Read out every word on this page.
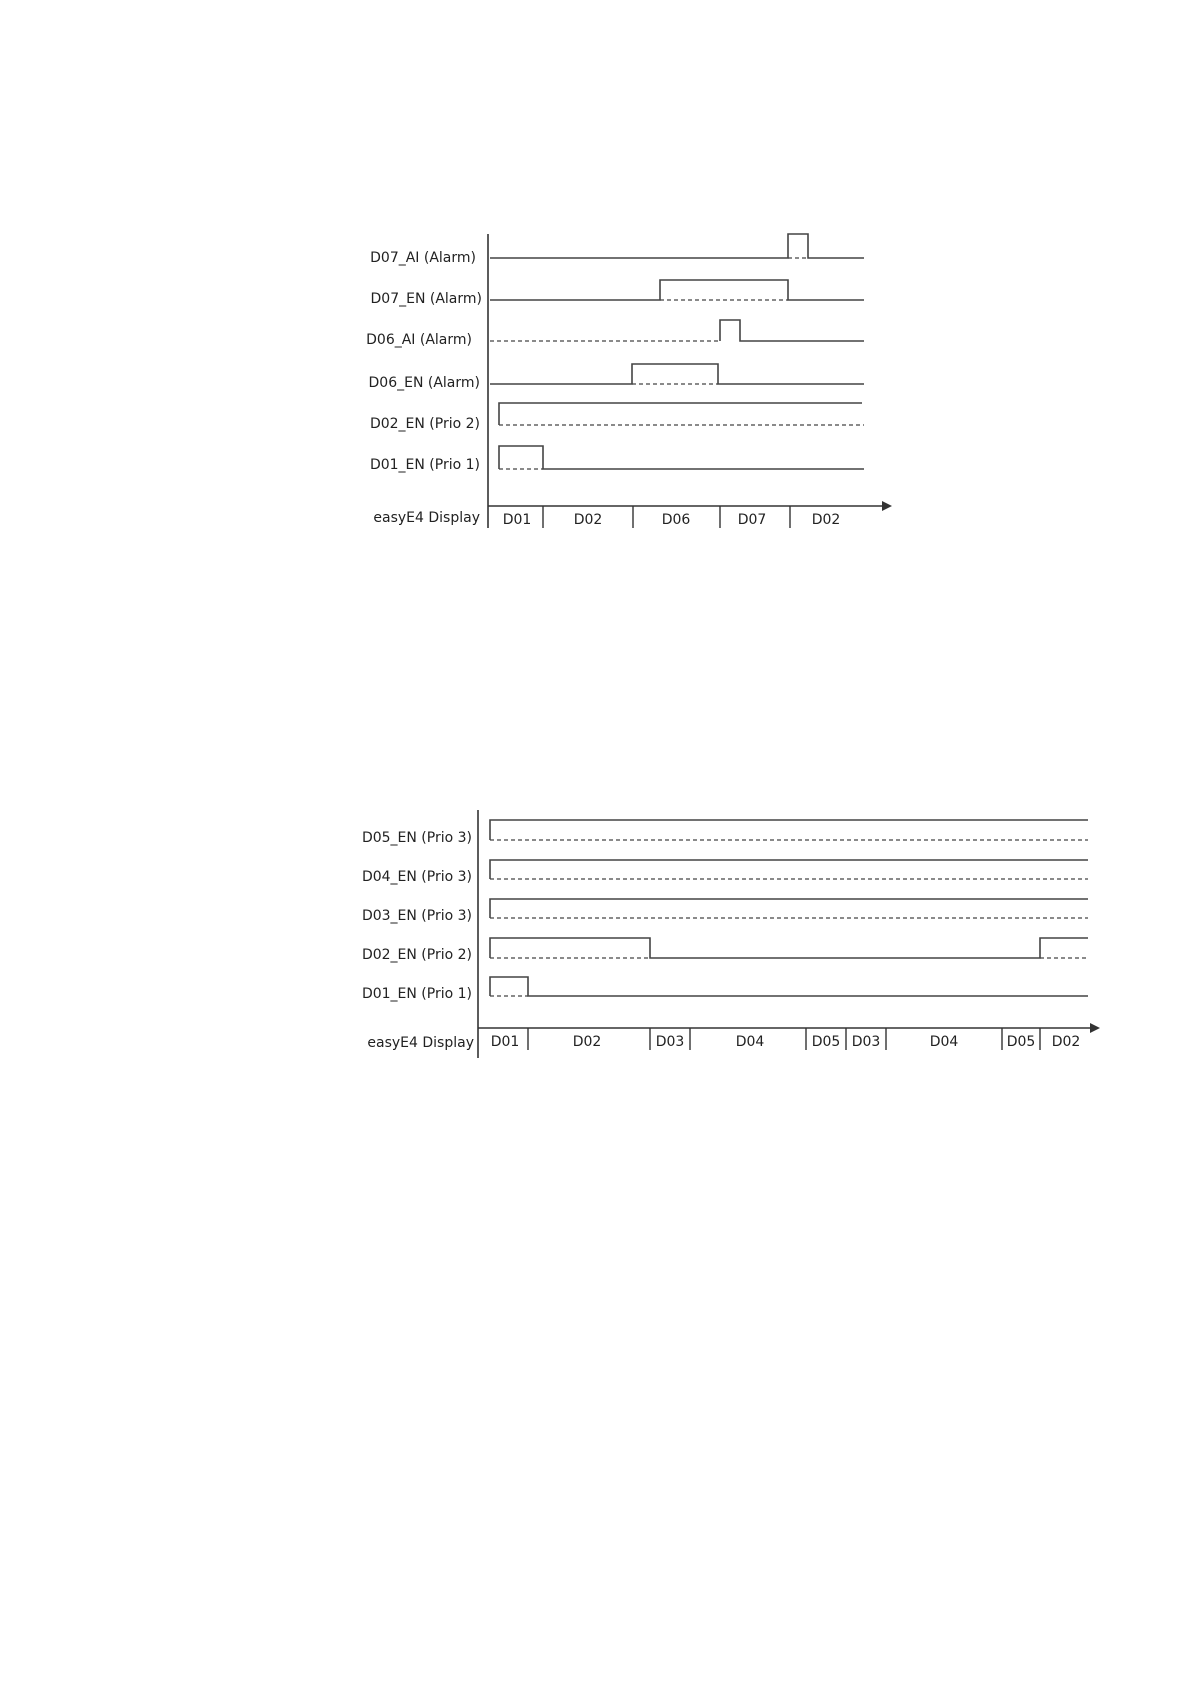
D07_AI (Alarm)
D07_EN (Alarm)
D06_AI (Alarm)
D06_EN (Alarm)
D02_EN (Prio 2)
D01_EN (Prio 1)
easyE4 Display D01	D02	D06	D07	D02
D05_EN (Prio 3)
D04_EN (Prio 3)
D03_EN (Prio 3)
D02_EN (Prio 2)
D01_EN (Prio 1)
easyE4 Display D01	D02	D03	D04	D05 D03	D04	D05 D02
